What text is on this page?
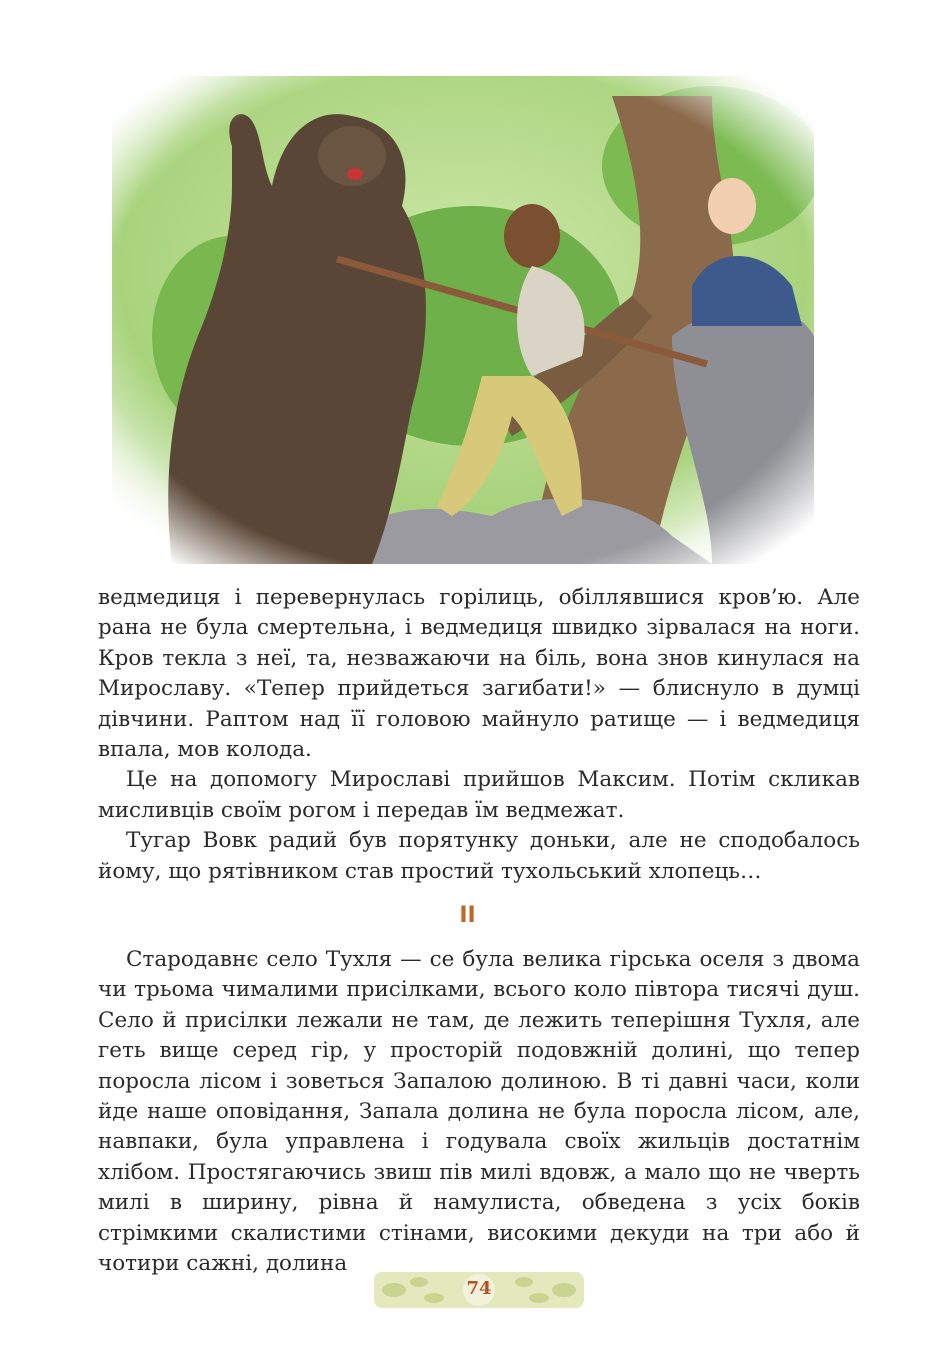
ведмедиця і перевернулась горілиць, обіллявшися кров’ю. Але рана не була смертельна, і ведмедиця швидко зірвалася на ноги. Кров текла з неї, та, незважаючи на біль, вона знов кинулася на Мирославу. «Тепер прийдеться загибати!» — блиснуло в думці дівчини. Раптом над її головою майнуло ратище — і ведмедиця впала, мов колода.

Це на допомогу Мирославі прийшов Максим. Потім скликав мисливців своїм рогом і передав їм ведмежат.

Тугар Вовк радий був порятунку доньки, але не сподобалось йому, що рятівником став простий тухольський хлопець…

II

Стародавнє село Тухля — се була велика гірська оселя з двома чи трьома чималими присілками, всього коло півтора тисячі душ. Село й присілки лежали не там, де лежить теперішня Тухля, але геть вище серед гір, у просторій подовжній долині, що тепер поросла лісом і зоветься Запалою долиною. В ті давні часи, коли йде наше оповідання, Запала долина не була поросла лісом, але, навпаки, була управлена і годувала своїх жильців достатнім хлібом. Простягаючись звиш пів милі вдовж, а мало що не чверть милі в ширину, рівна й намулиста, обведена з усіх боків стрімкими скалистими стінами, високими декуди на три або й чотири сажні, долина

74
